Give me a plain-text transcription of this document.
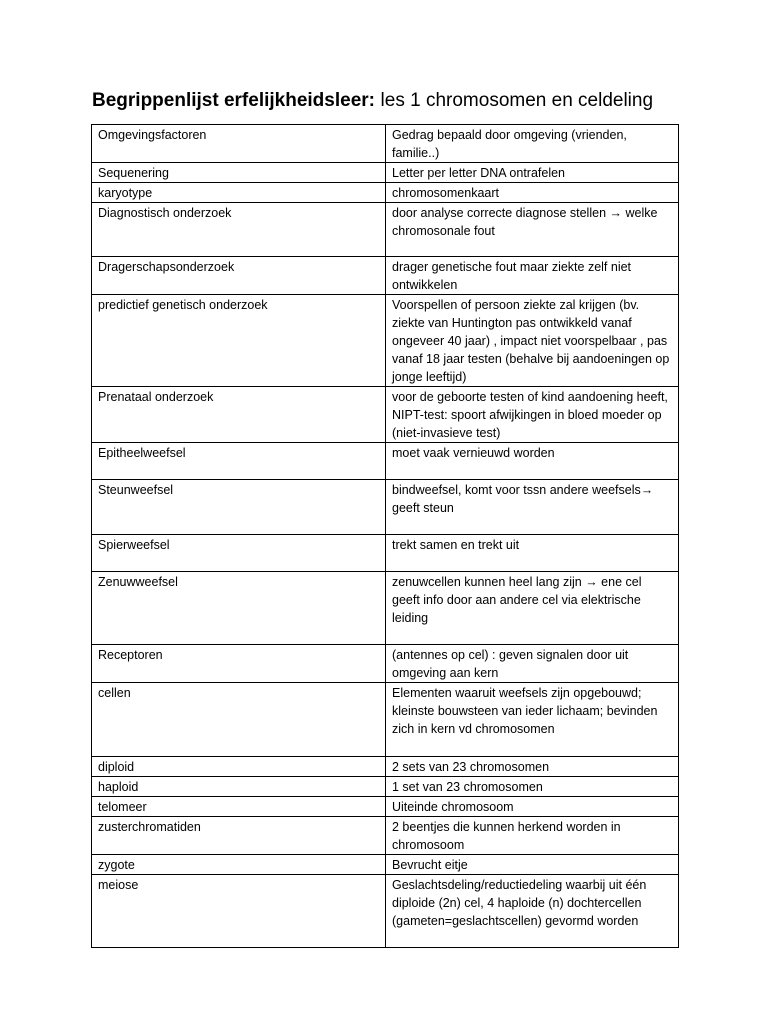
Begrippenlijst erfelijkheidsleer: les 1 chromosomen en celdeling
Omgevingsfactoren	Gedrag bepaald door omgeving (vrienden, familie..)
Sequenering	Letter per letter DNA ontrafelen
karyotype	chromosomenkaart
Diagnostisch onderzoek	door analyse correcte diagnose stellen → welke chromosonale fout
Dragerschapsonderzoek	drager genetische fout maar ziekte zelf niet ontwikkelen
predictief genetisch onderzoek	Voorspellen of persoon ziekte zal krijgen (bv. ziekte van Huntington pas ontwikkeld vanaf ongeveer 40 jaar) , impact niet voorspelbaar , pas vanaf 18 jaar testen (behalve bij aandoeningen op jonge leeftijd)
Prenataal onderzoek	voor de geboorte testen of kind aandoening heeft, NIPT-test: spoort afwijkingen in bloed moeder op (niet-invasieve test)
Epitheelweefsel	moet vaak vernieuwd worden
Steunweefsel	bindweefsel, komt voor tssn andere weefsels→ geeft steun
Spierweefsel	trekt samen en trekt uit
Zenuwweefsel	zenuwcellen kunnen heel lang zijn → ene cel geeft info door aan andere cel via elektrische leiding
Receptoren	(antennes op cel) : geven signalen door uit omgeving aan kern
cellen	Elementen waaruit weefsels zijn opgebouwd; kleinste bouwsteen van ieder lichaam; bevinden zich in kern vd chromosomen
diploid	2 sets van 23 chromosomen
haploid	1 set van 23 chromosomen
telomeer	Uiteinde chromosoom
zusterchromatiden	2 beentjes die kunnen herkend worden in chromosoom
zygote	Bevrucht eitje
meiose	Geslachtsdeling/reductiedeling waarbij uit één diploide (2n) cel, 4 haploide (n) dochtercellen (gameten=geslachtscellen) gevormd worden
